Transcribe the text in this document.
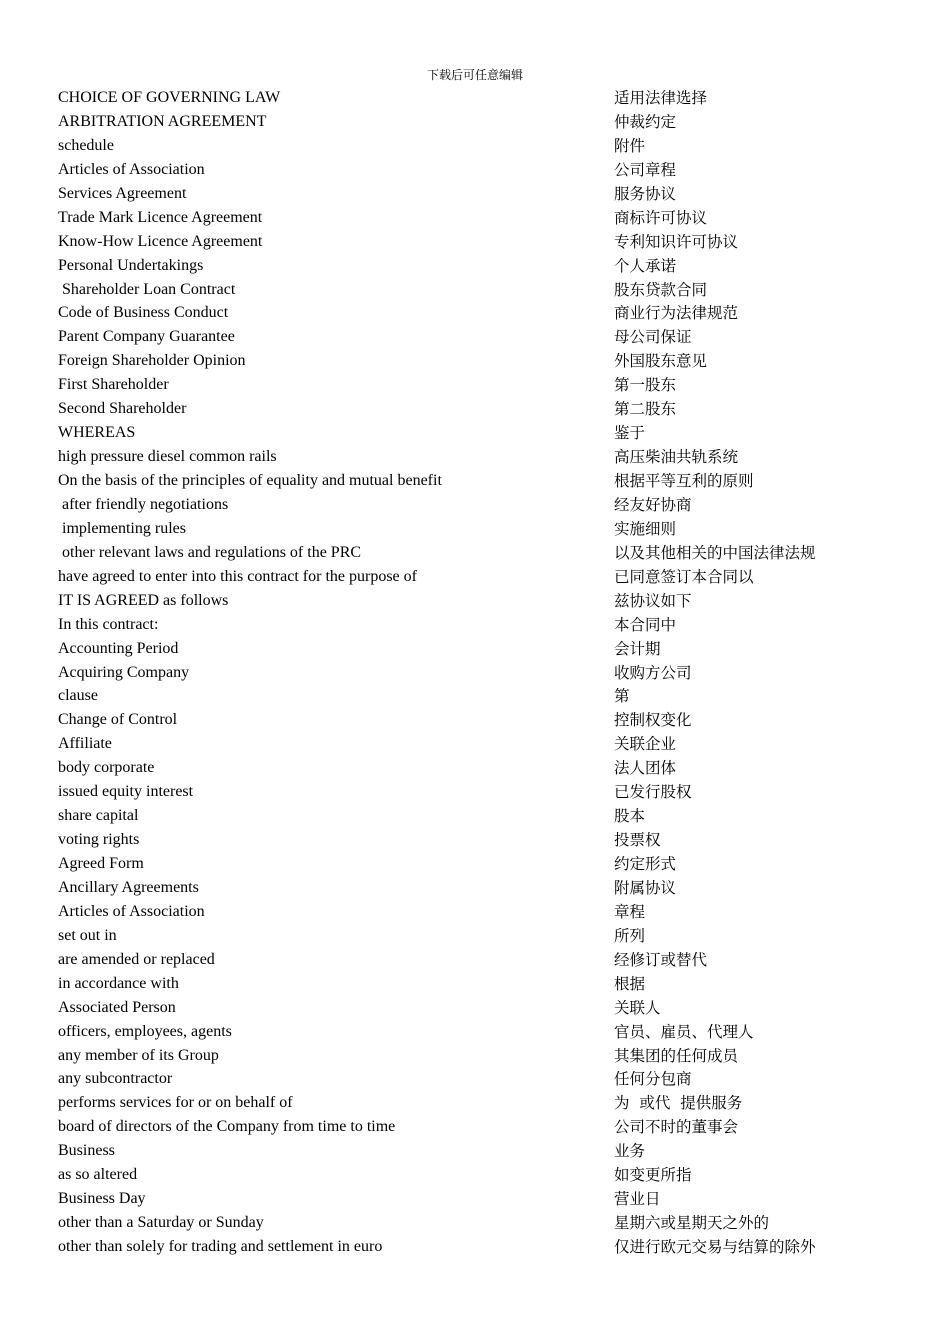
下载后可任意编辑
CHOICE OF GOVERNING LAW	适用法律选择
ARBITRATION AGREEMENT	仲裁约定
schedule	附件
Articles of Association	公司章程
Services Agreement	服务协议
Trade Mark Licence Agreement	商标许可协议
Know-How Licence Agreement	专利知识许可协议
Personal Undertakings	个人承诺
Shareholder Loan Contract	股东贷款合同
Code of Business Conduct	商业行为法律规范
Parent Company Guarantee	母公司保证
Foreign Shareholder Opinion	外国股东意见
First Shareholder	第一股东
Second Shareholder	第二股东
WHEREAS	鉴于
high pressure diesel common rails	高压柴油共轨系统
On the basis of the principles of equality and mutual benefit	根据平等互利的原则
after friendly negotiations	经友好协商
implementing rules	实施细则
other relevant laws and regulations of the PRC	以及其他相关的中国法律法规
have agreed to enter into this contract for the purpose of	已同意签订本合同以
IT IS AGREED as follows	兹协议如下
In this contract:	本合同中
Accounting Period	会计期
Acquiring Company	收购方公司
clause	第
Change of Control	控制权变化
Affiliate	关联企业
body corporate	法人团体
issued equity interest	已发行股权
share capital	股本
voting rights	投票权
Agreed Form	约定形式
Ancillary Agreements	附属协议
Articles of Association	章程
set out in	所列
are amended or replaced	经修订或替代
in accordance with	根据
Associated Person	关联人
officers, employees, agents	官员、雇员、代理人
any member of its Group	其集团的任何成员
any subcontractor	任何分包商
performs services for or on behalf of	为  或代  提供服务
board of directors of the Company from time to time	公司不时的董事会
Business	业务
as so altered	如变更所指
Business Day	营业日
other than a Saturday or Sunday	星期六或星期天之外的
other than solely for trading and settlement in euro	仅进行欧元交易与结算的除外
